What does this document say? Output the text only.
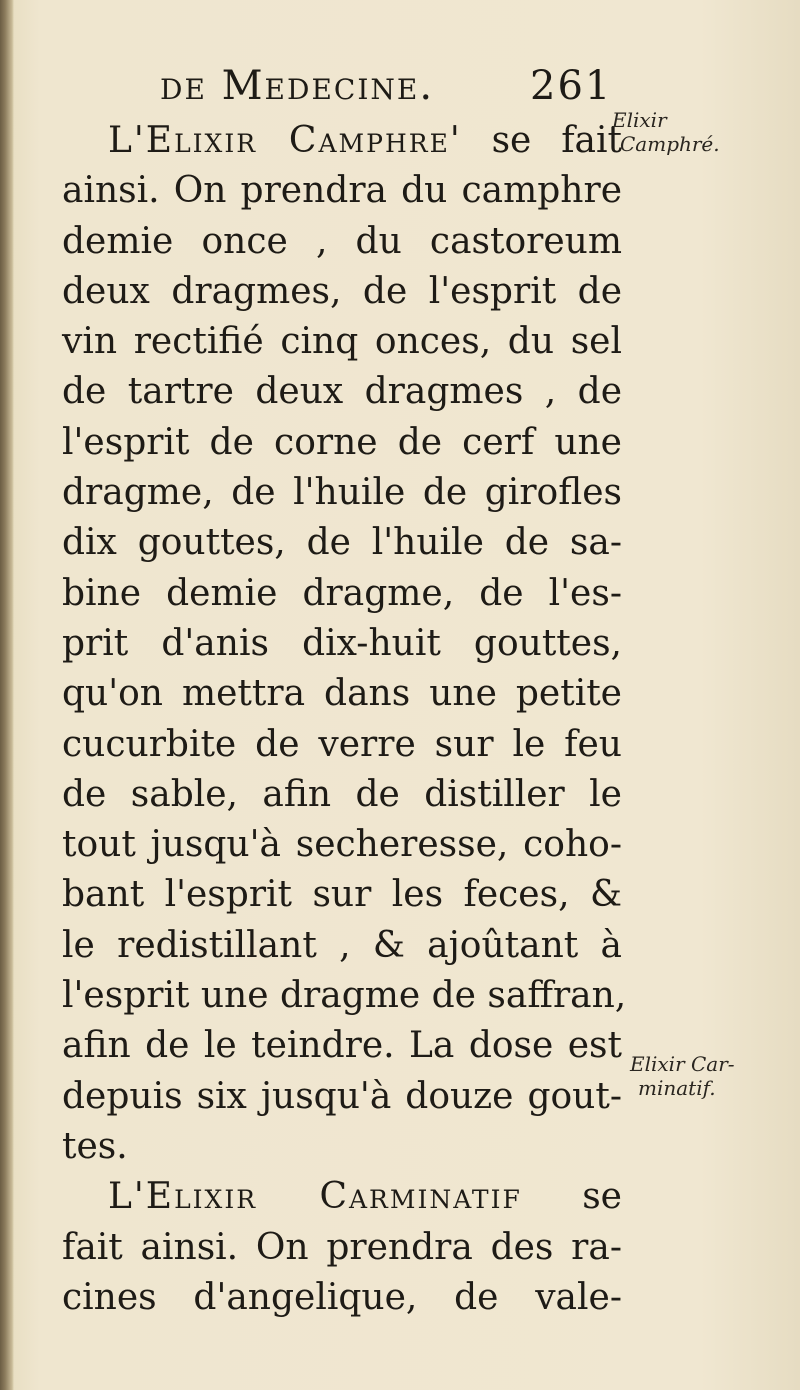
de Medecine. 261
L'Elixir Camphre' se fait
ainsi. On prendra du camphre
demie once , du castoreum
deux dragmes, de l'esprit de
vin rectifié cinq onces, du sel
de tartre deux dragmes , de
l'esprit de corne de cerf une
dragme, de l'huile de girofles
dix gouttes, de l'huile de sa-
bine demie dragme, de l'es-
prit d'anis dix-huit gouttes,
qu'on mettra dans une petite
cucurbite de verre sur le feu
de sable, afin de distiller le
tout jusqu'à secheresse, coho-
bant l'esprit sur les feces, &
le redistillant , & ajoûtant à
l'esprit une dragme de saffran,
afin de le teindre. La dose est
depuis six jusqu'à douze gout-
tes.
L'Elixir Carminatif se
fait ainsi. On prendra des ra-
cines d'angelique, de vale-
Elixir
Camphré.
Elixir Car-
minatif.
